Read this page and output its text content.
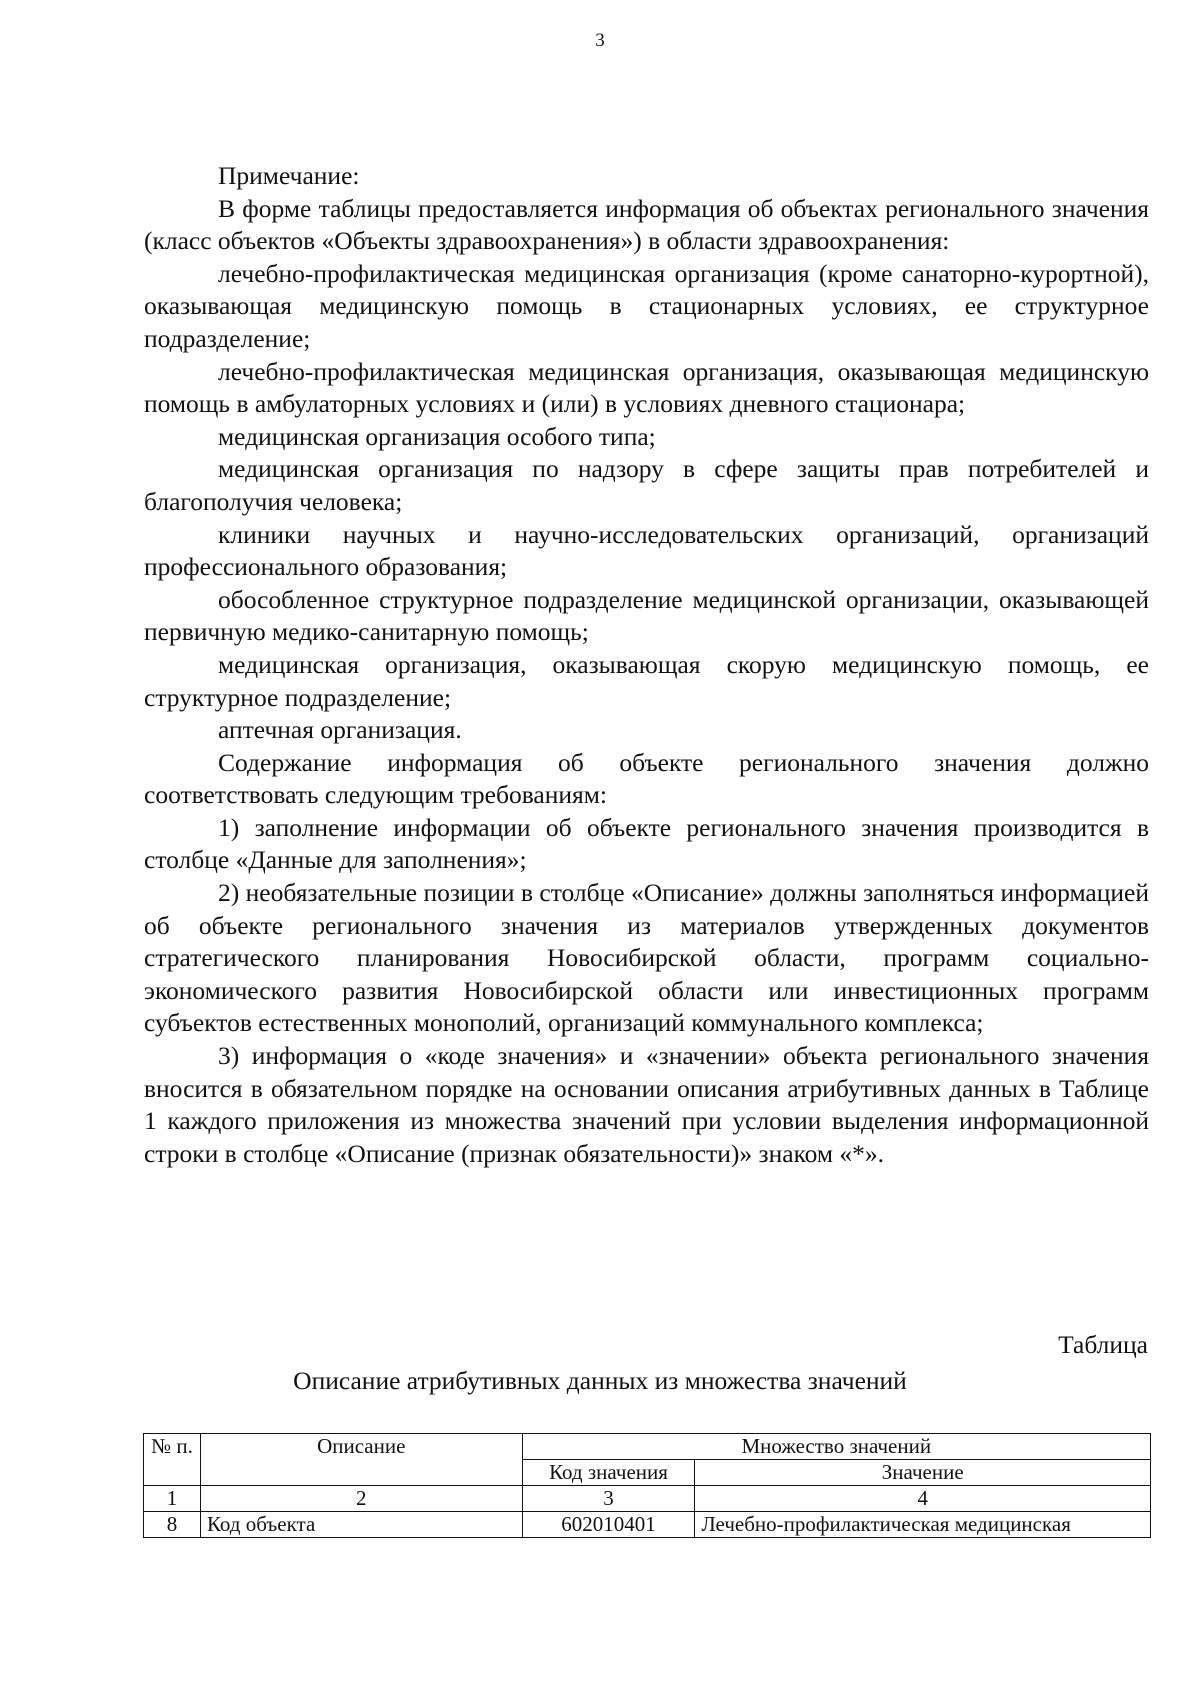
3

Примечание:

В форме таблицы предоставляется информация об объектах регионального значения (класс объектов «Объекты здравоохранения») в области здравоохранения:

лечебно-профилактическая медицинская организация (кроме санаторно-курортной), оказывающая медицинскую помощь в стационарных условиях, ее структурное подразделение;

лечебно-профилактическая медицинская организация, оказывающая медицинскую помощь в амбулаторных условиях и (или) в условиях дневного стационара;

медицинская организация особого типа;

медицинская организация по надзору в сфере защиты прав потребителей и благополучия человека;

клиники научных и научно-исследовательских организаций, организаций профессионального образования;

обособленное структурное подразделение медицинской организации, оказывающей первичную медико-санитарную помощь;

медицинская организация, оказывающая скорую медицинскую помощь, ее структурное подразделение;

аптечная организация.

Содержание информация об объекте регионального значения должно соответствовать следующим требованиям:

1) заполнение информации об объекте регионального значения производится в столбце «Данные для заполнения»;

2) необязательные позиции в столбце «Описание» должны заполняться информацией об объекте регионального значения из материалов утвержденных документов стратегического планирования Новосибирской области, программ социально-экономического развития Новосибирской области или инвестиционных программ субъектов естественных монополий, организаций коммунального комплекса;

3) информация о «коде значения» и «значении» объекта регионального значения вносится в обязательном порядке на основании описания атрибутивных данных в Таблице 1 каждого приложения из множества значений при условии выделения информационной строки в столбце «Описание (признак обязательности)» знаком «*».

Таблица
Описание атрибутивных данных из множества значений
№ п.	Описание	Множество значений	
		Код значения	Значение
1	2	3	4
8	Код объекта	602010401	Лечебно-профилактическая медицинская
